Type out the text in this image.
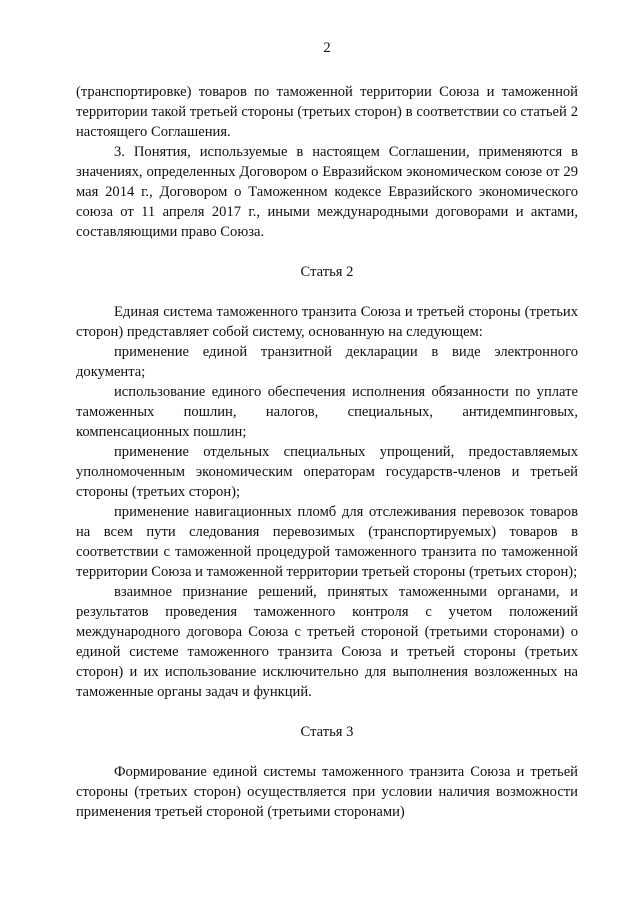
2

(транспортировке) товаров по таможенной территории Союза и таможенной территории такой третьей стороны (третьих сторон) в соответствии со статьей 2 настоящего Соглашения.

3. Понятия, используемые в настоящем Соглашении, применяются в значениях, определенных Договором о Евразийском экономическом союзе от 29 мая 2014 г., Договором о Таможенном кодексе Евразийского экономического союза от 11 апреля 2017 г., иными международными договорами и актами, составляющими право Союза.

Статья 2

Единая система таможенного транзита Союза и третьей стороны (третьих сторон) представляет собой систему, основанную на следующем:

применение единой транзитной декларации в виде электронного документа;

использование единого обеспечения исполнения обязанности по уплате таможенных пошлин, налогов, специальных, антидемпинговых, компенсационных пошлин;

применение отдельных специальных упрощений, предоставляемых уполномоченным экономическим операторам государств-членов и третьей стороны (третьих сторон);

применение навигационных пломб для отслеживания перевозок товаров на всем пути следования перевозимых (транспортируемых) товаров в соответствии с таможенной процедурой таможенного транзита по таможенной территории Союза и таможенной территории третьей стороны (третьих сторон);

взаимное признание решений, принятых таможенными органами, и результатов проведения таможенного контроля с учетом положений международного договора Союза с третьей стороной (третьими сторонами) о единой системе таможенного транзита Союза и третьей стороны (третьих сторон) и их использование исключительно для выполнения возложенных на таможенные органы задач и функций.

Статья 3

Формирование единой системы таможенного транзита Союза и третьей стороны (третьих сторон) осуществляется при условии наличия возможности применения третьей стороной (третьими сторонами)
